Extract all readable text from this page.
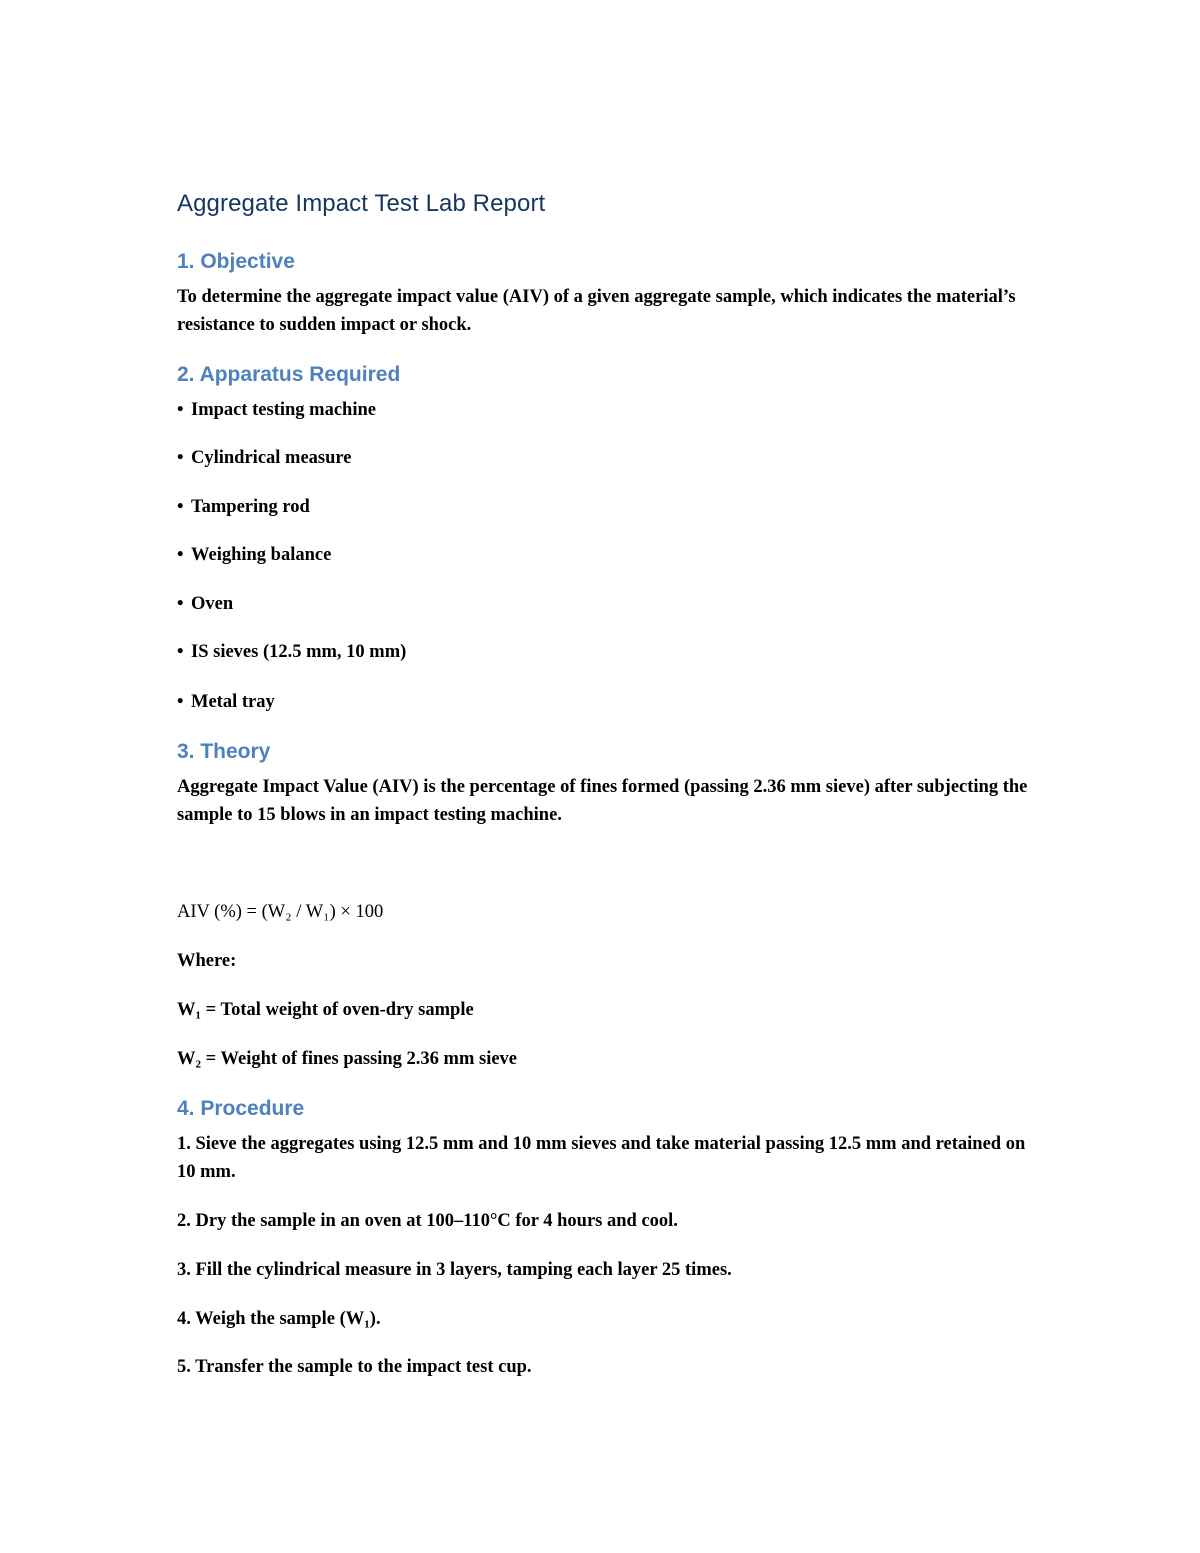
Aggregate Impact Test Lab Report
1. Objective

To determine the aggregate impact value (AIV) of a given aggregate sample, which indicates the material’s resistance to sudden impact or shock.

2. Apparatus Required

• Impact testing machine

• Cylindrical measure

• Tampering rod

• Weighing balance

• Oven

• IS sieves (12.5 mm, 10 mm)

• Metal tray

3. Theory

Aggregate Impact Value (AIV) is the percentage of fines formed (passing 2.36 mm sieve) after subjecting the sample to 15 blows in an impact testing machine.

AIV (%) = (W₂ / W₁) × 100

Where:

W₁ = Total weight of oven-dry sample

W₂ = Weight of fines passing 2.36 mm sieve

4. Procedure

1. Sieve the aggregates using 12.5 mm and 10 mm sieves and take material passing 12.5 mm and retained on 10 mm.

2. Dry the sample in an oven at 100–110°C for 4 hours and cool.

3. Fill the cylindrical measure in 3 layers, tamping each layer 25 times.

4. Weigh the sample (W₁).

5. Transfer the sample to the impact test cup.
